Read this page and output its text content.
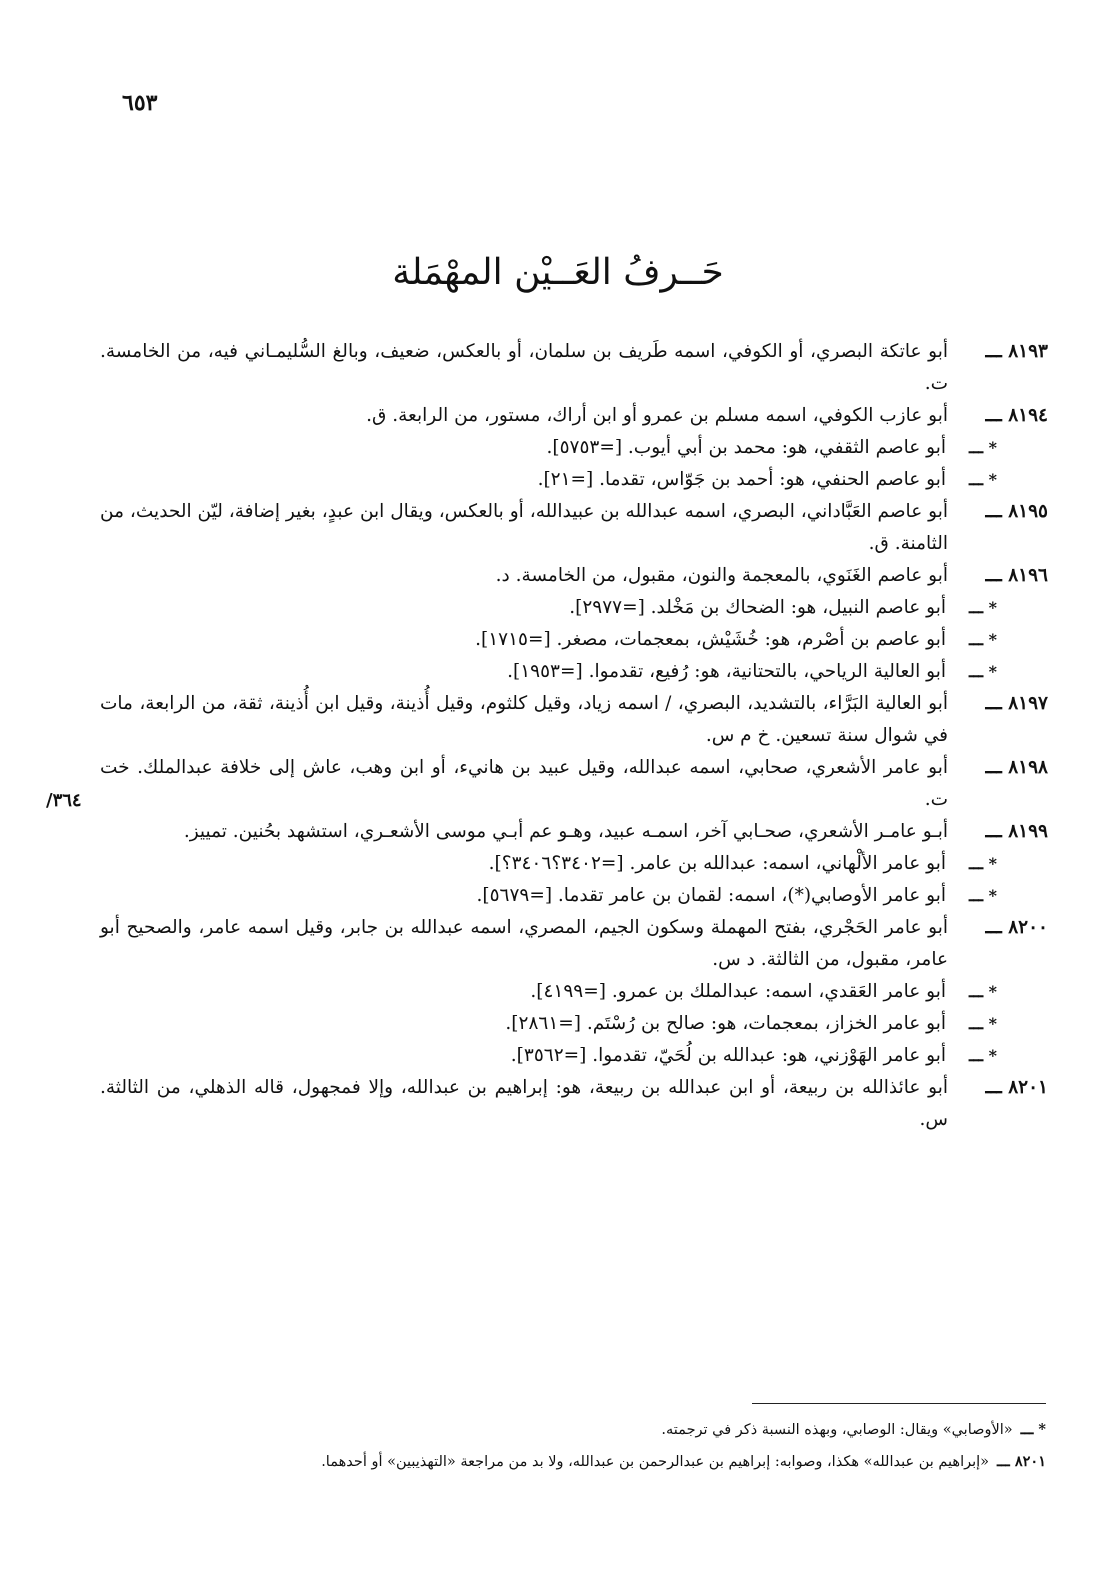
٦٥٣
حَــرفُ العَــيْن المهْمَلة
٨١٩٣ ـــ
أبو عاتكة البصري، أو الكوفي، اسمه طَريف بن سلمان، أو بالعكس، ضعيف، وبالغ السُّليمـاني فيه، من الخامسة. ت.
٨١٩٤ ـــ
أبو عازب الكوفي، اسمه مسلم بن عمرو أو ابن أراك، مستور، من الرابعة. ق.
* ـــ
أبو عاصم الثقفي، هو: محمد بن أبي أيوب. [=٥٧٥٣].
* ـــ
أبو عاصم الحنفي، هو: أحمد بن جَوّاس، تقدما. [=٢١].
٨١٩٥ ـــ
أبو عاصم العَبَّاداني، البصري، اسمه عبدالله بن عبيدالله، أو بالعكس، ويقال ابن عبدٍ، بغير إضافة، ليّن الحديث، من الثامنة. ق.
٨١٩٦ ـــ
أبو عاصم الغَنَوي، بالمعجمة والنون، مقبول، من الخامسة. د.
* ـــ
أبو عاصم النبيل، هو: الضحاك بن مَخْلد. [=٢٩٧٧].
* ـــ
أبو عاصم بن أصْرم، هو: خُشَيْش، بمعجمات، مصغر. [=١٧١٥].
* ـــ
أبو العالية الرياحي، بالتحتانية، هو: رُفيع، تقدموا. [=١٩٥٣].
٨١٩٧ ـــ
أبو العالية البَرَّاء، بالتشديد، البصري، / اسمه زياد، وقيل كلثوم، وقيل أُذينة، وقيل ابن أُذينة، ثقة، من الرابعة، مات في شوال سنة تسعين. خ م س.
٨١٩٨ ـــ
أبو عامر الأشعري، صحابي، اسمه عبدالله، وقيل عبيد بن هانيء، أو ابن وهب، عاش إلى خلافة عبدالملك. خت ت.
٨١٩٩ ـــ
أبـو عامـر الأشعري، صحـابي آخر، اسمـه عبيد، وهـو عم أبـي موسى الأشعـري، استشهد بحُنين. تمييز.
* ـــ
أبو عامر الألْهاني، اسمه: عبدالله بن عامر. [=٣٤٠٢؟٣٤٠٦؟].
* ـــ
أبو عامر الأوصابي(*)، اسمه: لقمان بن عامر تقدما. [=٥٦٧٩].
٨٢٠٠ ـــ
أبو عامر الحَجْري، بفتح المهملة وسكون الجيم، المصري، اسمه عبدالله بن جابر، وقيل اسمه عامر، والصحيح أبو عامر، مقبول، من الثالثة. د س.
* ـــ
أبو عامر العَقدي، اسمه: عبدالملك بن عمرو. [=٤١٩٩].
* ـــ
أبو عامر الخزاز، بمعجمات، هو: صالح بن رُسْتَم. [=٢٨٦١].
* ـــ
أبو عامر الهَوْزني، هو: عبدالله بن لُحَيّ، تقدموا. [=٣٥٦٢].
٨٢٠١ ـــ
أبو عائذالله بن ربيعة، أو ابن عبدالله بن ربيعة، هو: إبراهيم بن عبدالله، وإلا فمجهول، قاله الذهلي، من الثالثة. س.
٣٦٤/
* ـــ«الأوصابي» ويقال: الوصابي، وبهذه النسبة ذكر في ترجمته.
٨٢٠١ ـــ«إبراهيم بن عبدالله» هكذا، وصوابه: إبراهيم بن عبدالرحمن بن عبدالله، ولا بد من مراجعة «التهذيبين» أو أحدهما.
